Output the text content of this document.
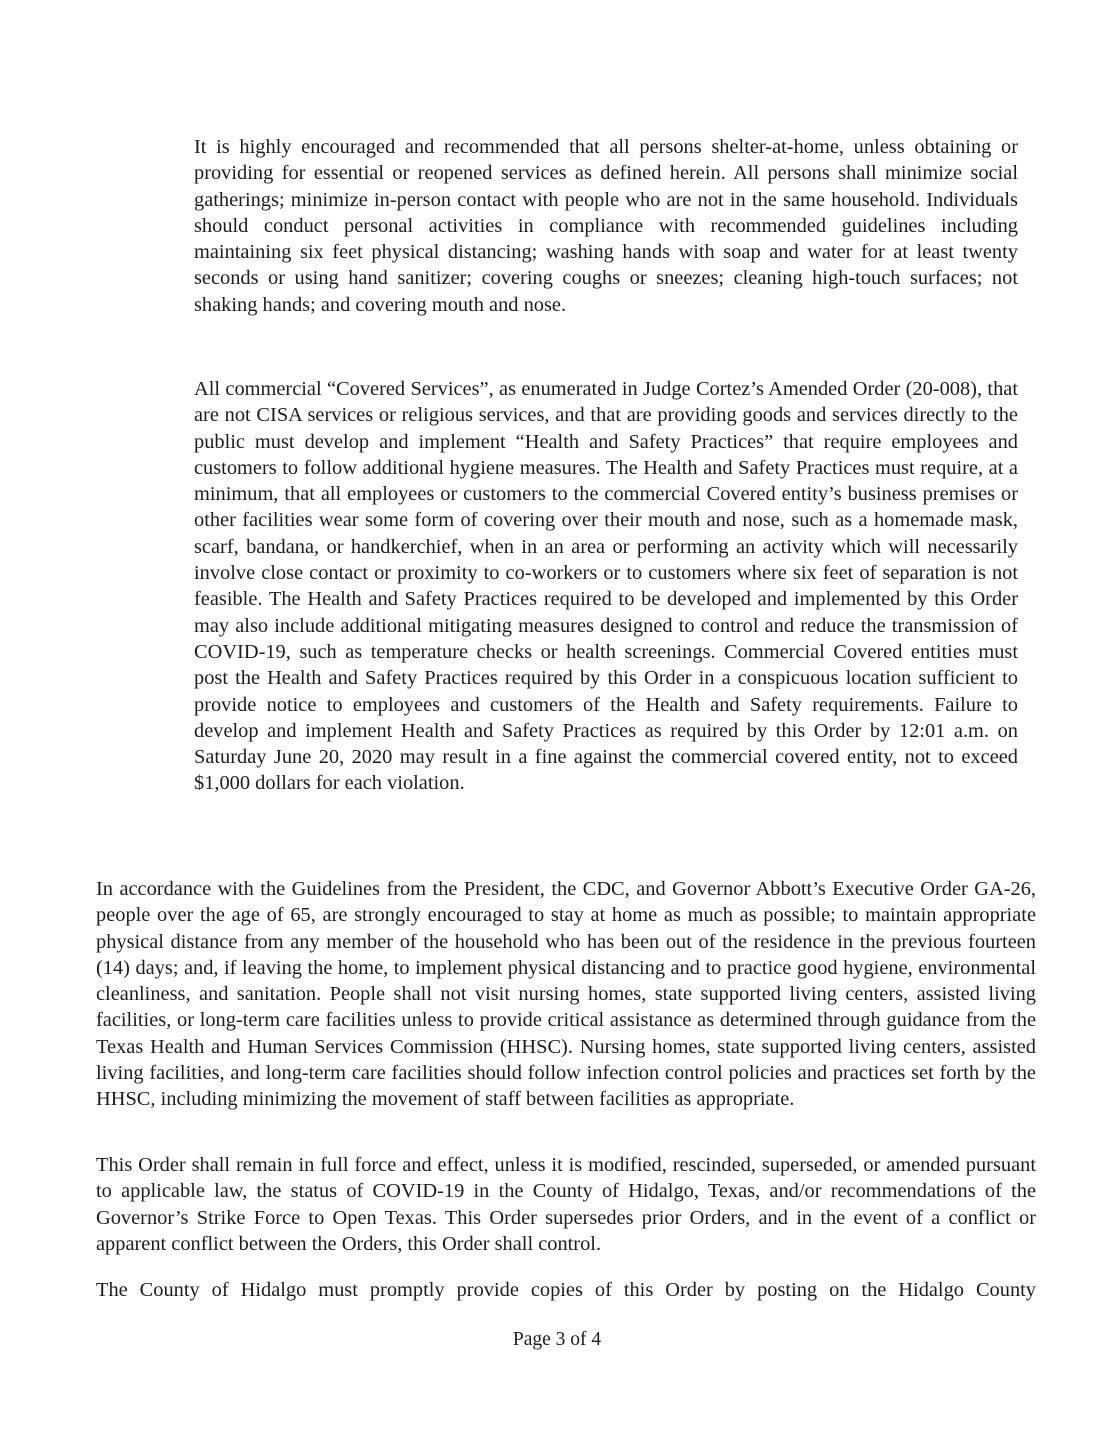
It is highly encouraged and recommended that all persons shelter-at-home, unless obtaining or providing for essential or reopened services as defined herein. All persons shall minimize social gatherings; minimize in-person contact with people who are not in the same household. Individuals should conduct personal activities in compliance with recommended guidelines including maintaining six feet physical distancing; washing hands with soap and water for at least twenty seconds or using hand sanitizer; covering coughs or sneezes; cleaning high-touch surfaces; not shaking hands; and covering mouth and nose.

All commercial “Covered Services”, as enumerated in Judge Cortez’s Amended Order (20-008), that are not CISA services or religious services, and that are providing goods and services directly to the public must develop and implement “Health and Safety Practices” that require employees and customers to follow additional hygiene measures. The Health and Safety Practices must require, at a minimum, that all employees or customers to the commercial Covered entity’s business premises or other facilities wear some form of covering over their mouth and nose, such as a homemade mask, scarf, bandana, or handkerchief, when in an area or performing an activity which will necessarily involve close contact or proximity to co-workers or to customers where six feet of separation is not feasible. The Health and Safety Practices required to be developed and implemented by this Order may also include additional mitigating measures designed to control and reduce the transmission of COVID-19, such as temperature checks or health screenings. Commercial Covered entities must post the Health and Safety Practices required by this Order in a conspicuous location sufficient to provide notice to employees and customers of the Health and Safety requirements. Failure to develop and implement Health and Safety Practices as required by this Order by 12:01 a.m. on Saturday June 20, 2020 may result in a fine against the commercial covered entity, not to exceed $1,000 dollars for each violation.

In accordance with the Guidelines from the President, the CDC, and Governor Abbott’s Executive Order GA-26, people over the age of 65, are strongly encouraged to stay at home as much as possible; to maintain appropriate physical distance from any member of the household who has been out of the residence in the previous fourteen (14) days; and, if leaving the home, to implement physical distancing and to practice good hygiene, environmental cleanliness, and sanitation. People shall not visit nursing homes, state supported living centers, assisted living facilities, or long-term care facilities unless to provide critical assistance as determined through guidance from the Texas Health and Human Services Commission (HHSC). Nursing homes, state supported living centers, assisted living facilities, and long-term care facilities should follow infection control policies and practices set forth by the HHSC, including minimizing the movement of staff between facilities as appropriate.

This Order shall remain in full force and effect, unless it is modified, rescinded, superseded, or amended pursuant to applicable law, the status of COVID-19 in the County of Hidalgo, Texas, and/or recommendations of the Governor’s Strike Force to Open Texas. This Order supersedes prior Orders, and in the event of a conflict or apparent conflict between the Orders, this Order shall control.

The County of Hidalgo must promptly provide copies of this Order by posting on the Hidalgo County

Page 3 of 4
